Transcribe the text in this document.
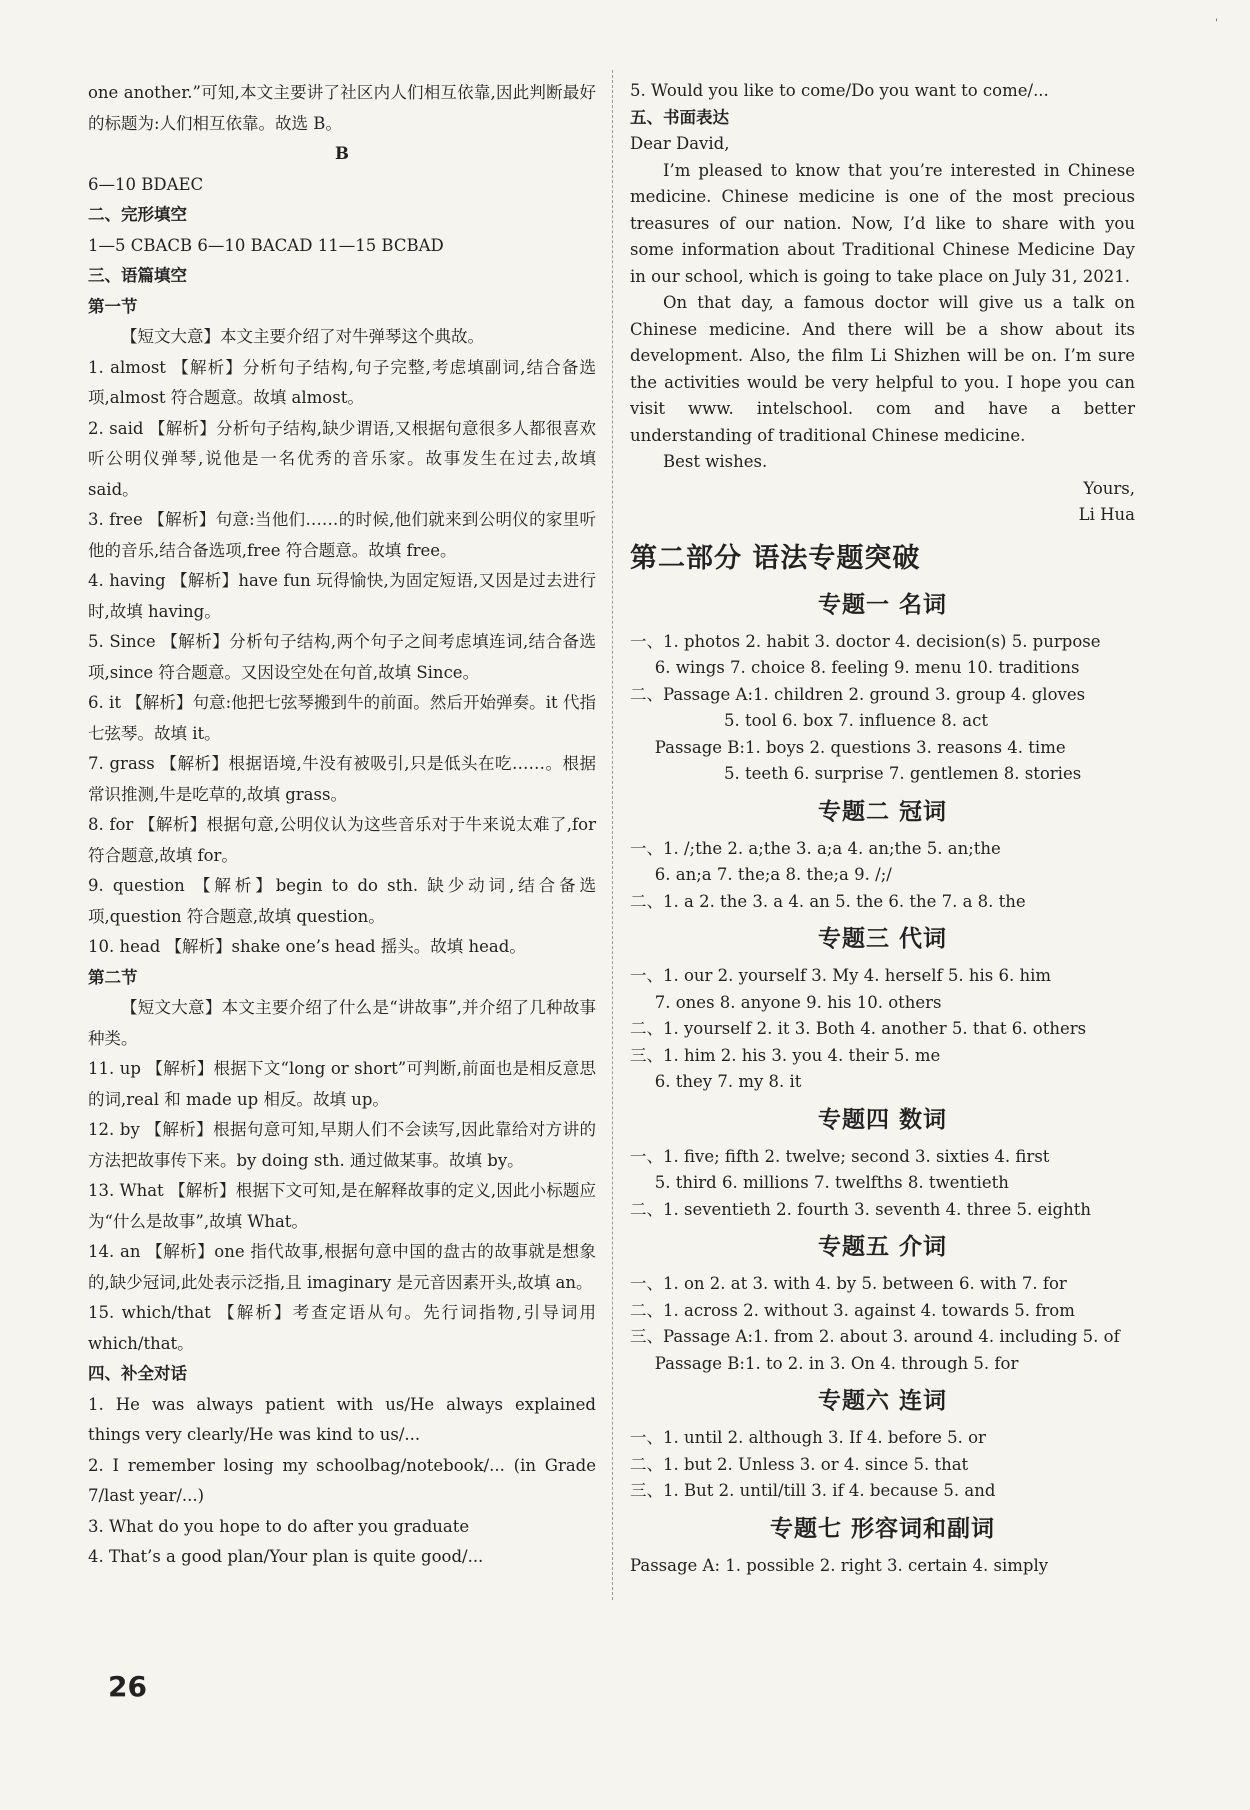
'

one another.”可知,本文主要讲了社区内人们相互依靠,因此判断最好的标题为:人们相互依靠。故选 B。

B

6—10 BDAEC

二、完形填空

1—5 CBACB 6—10 BACAD 11—15 BCBAD

三、语篇填空

第一节

【短文大意】本文主要介绍了对牛弹琴这个典故。

1. almost 【解析】分析句子结构,句子完整,考虑填副词,结合备选项,almost 符合题意。故填 almost。

2. said 【解析】分析句子结构,缺少谓语,又根据句意很多人都很喜欢听公明仪弹琴,说他是一名优秀的音乐家。故事发生在过去,故填 said。

3. free 【解析】句意:当他们……的时候,他们就来到公明仪的家里听他的音乐,结合备选项,free 符合题意。故填 free。

4. having 【解析】have fun 玩得愉快,为固定短语,又因是过去进行时,故填 having。

5. Since 【解析】分析句子结构,两个句子之间考虑填连词,结合备选项,since 符合题意。又因设空处在句首,故填 Since。

6. it 【解析】句意:他把七弦琴搬到牛的前面。然后开始弹奏。it 代指七弦琴。故填 it。

7. grass 【解析】根据语境,牛没有被吸引,只是低头在吃……。根据常识推测,牛是吃草的,故填 grass。

8. for 【解析】根据句意,公明仪认为这些音乐对于牛来说太难了,for 符合题意,故填 for。

9. question 【解析】begin to do sth. 缺少动词,结合备选项,question 符合题意,故填 question。

10. head 【解析】shake one’s head 摇头。故填 head。

第二节

【短文大意】本文主要介绍了什么是“讲故事”,并介绍了几种故事种类。

11. up 【解析】根据下文“long or short”可判断,前面也是相反意思的词,real 和 made up 相反。故填 up。

12. by 【解析】根据句意可知,早期人们不会读写,因此靠给对方讲的方法把故事传下来。by doing sth. 通过做某事。故填 by。

13. What 【解析】根据下文可知,是在解释故事的定义,因此小标题应为“什么是故事”,故填 What。

14. an 【解析】one 指代故事,根据句意中国的盘古的故事就是想象的,缺少冠词,此处表示泛指,且 imaginary 是元音因素开头,故填 an。

15. which/that 【解析】考查定语从句。先行词指物,引导词用 which/that。

四、补全对话

1. He was always patient with us/He always explained things very clearly/He was kind to us/...

2. I remember losing my schoolbag/notebook/... (in Grade 7/last year/...)

3. What do you hope to do after you graduate

4. That’s a good plan/Your plan is quite good/...

5. Would you like to come/Do you want to come/...

五、书面表达

Dear David,

I’m pleased to know that you’re interested in Chinese medicine. Chinese medicine is one of the most precious treasures of our nation. Now, I’d like to share with you some information about Traditional Chinese Medicine Day in our school, which is going to take place on July 31, 2021.

On that day, a famous doctor will give us a talk on Chinese medicine. And there will be a show about its development. Also, the film Li Shizhen will be on. I’m sure the activities would be very helpful to you. I hope you can visit www. intelschool. com and have a better understanding of traditional Chinese medicine.

Best wishes.

Yours,

Li Hua

第二部分 语法专题突破
专题一 名词

一、1. photos 2. habit 3. doctor 4. decision(s) 5. purpose

6. wings 7. choice 8. feeling 9. menu 10. traditions

二、Passage A:1. children 2. ground 3. group 4. gloves

5. tool 6. box 7. influence 8. act

Passage B:1. boys 2. questions 3. reasons 4. time

5. teeth 6. surprise 7. gentlemen 8. stories

专题二 冠词

一、1. /;the 2. a;the 3. a;a 4. an;the 5. an;the

6. an;a 7. the;a 8. the;a 9. /;/

二、1. a 2. the 3. a 4. an 5. the 6. the 7. a 8. the

专题三 代词

一、1. our 2. yourself 3. My 4. herself 5. his 6. him

7. ones 8. anyone 9. his 10. others

二、1. yourself 2. it 3. Both 4. another 5. that 6. others

三、1. him 2. his 3. you 4. their 5. me

6. they 7. my 8. it

专题四 数词

一、1. five; fifth 2. twelve; second 3. sixties 4. first

5. third 6. millions 7. twelfths 8. twentieth

二、1. seventieth 2. fourth 3. seventh 4. three 5. eighth

专题五 介词

一、1. on 2. at 3. with 4. by 5. between 6. with 7. for

二、1. across 2. without 3. against 4. towards 5. from

三、Passage A:1. from 2. about 3. around 4. including 5. of

Passage B:1. to 2. in 3. On 4. through 5. for

专题六 连词

一、1. until 2. although 3. If 4. before 5. or

二、1. but 2. Unless 3. or 4. since 5. that

三、1. But 2. until/till 3. if 4. because 5. and

专题七 形容词和副词

Passage A: 1. possible 2. right 3. certain 4. simply

26
